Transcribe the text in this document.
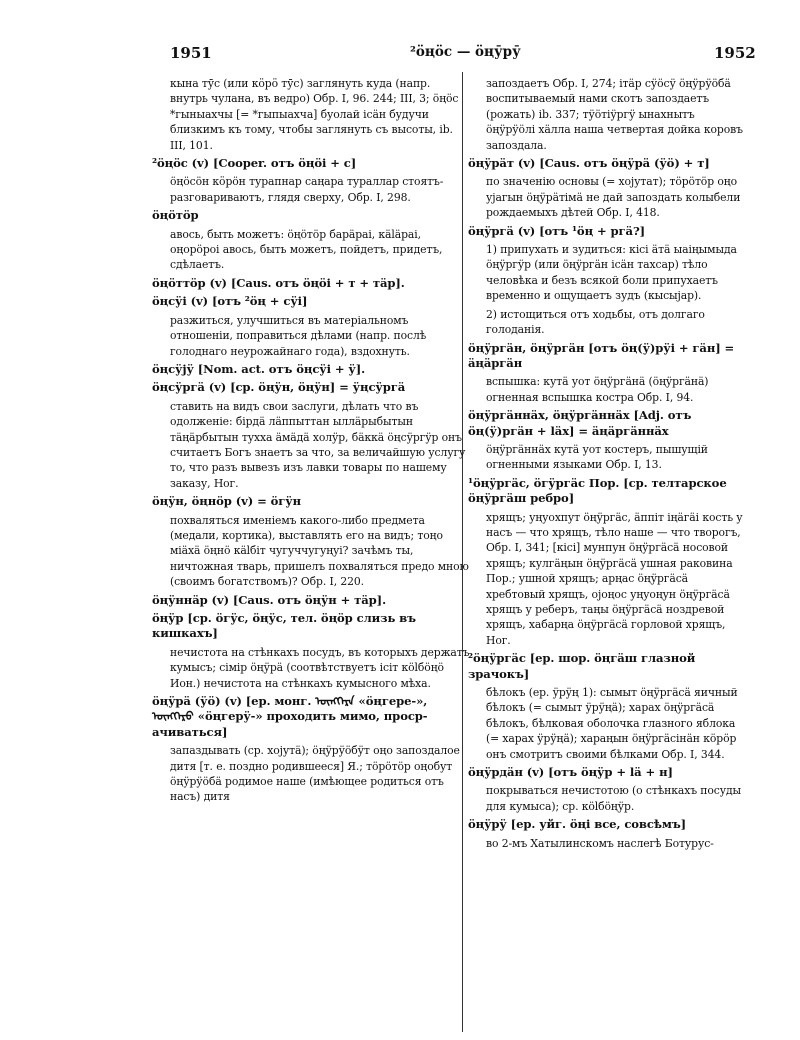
1951	²öңöс — öңӯрӯ	1952
кына тӯс (или кӧрӧ тӯс) заглянуть куда (напр. внутрь чулана, въ ведро) Обр. I, 96. 244; III, 3; öңöс *гыныахчы [= *гыпыахча] буолай iсäн будучи близкимъ къ тому, чтобы заглянуть съ высоты, ib. III, 101.
²öңöс (v) [Cooper. отъ öңöi + с]
öңöсöн кӧрöн турапнар саңара тураллар стоятъ-разговариваютъ, глядя сверху, Обр. I, 298.
öңöтöр
авось, быть можетъ: öңöтöр барäраi, кäläраi, оңорöроi авось, быть можетъ, пойдетъ, придетъ, сдѣлаетъ.
öңöттöр (v) [Caus. отъ öңöi + т + тäр].
öңсӱi (v) [отъ ²öң + сӱi]
разжиться, улучшиться въ матеріальномъ отношеніи, поправиться дѣлами (напр. послѣ голоднаго неурожайнаго года), вздохнуть.
öңсӱjӱ [Nom. act. отъ öңсӱi + ӱ].
öңсӱргä (v) [ср. öңӱн, öңӱн] = ӱңсӱргä
ставить на видъ свои заслуги, дѣлать что въ одолженіе: бірдä лäппыттан ыллäрыбытын тäңäрбытын тухха äмäдä холӱр, бäккä öңсӱргӱр онъ считаетъ Богъ знаетъ за что, за величайшую услугу то, что разъ вывезъ изъ лавки товары по нашему заказу, Ног.
öңӱн, öңнöр (v) = öгӱн
похваляться именіемъ какого-либо предмета (медали, кортика), выставлять его на видъ; тоңо міäхä öңнö кälбіт чугуччугуңуi? зачѣмъ ты, ничтожная тварь, пришелъ похваляться предо мною (своимъ богатствомъ)? Обр. I, 220.
öңӱннäр (v) [Caus. отъ öңӱн + тäр].
öңӱр [ср. öгӱс, öңӱс, тел. öңöр слизь въ кишкахъ]
нечистота на стѣнкахъ посудъ, въ которыхъ держатъ кумысъ; сімір öңӱрä (соотвѣтствуетъ iсіт кölбöңö Ион.) нечистота на стѣнкахъ кумысного мѣха.
öңӱрä (ӱö) (v) [ер. монг. ᠥᠩᠭᠡᠷᠡ «öңгере-», ᠥᠩᠭᠡᠷᠦ «öңгерӱ-» проходить мимо, просрачиваться]
запаздывать (ср. хојутä); öңӱрӱöбӱт оңо запоздалое дитя [т. е. поздно родившееся] Я.; тöрöтöр оңобут öңӱрӱöбä родимое наше (имѣющее родиться отъ насъ) дитя
запоздаетъ Обр. I, 274; iтäр сӱöсӱ öңӱрӱöбä воспитываемый нами скотъ запоздаетъ (рожать) ib. 337; тӱöтiӱргӱ ынахнытъ öңӱрӱöлi хäлла наша четвертая дойка коровъ запоздала.
öңӱрäт (v) [Caus. отъ öңӱрä (ӱö) + т]
по значенію основы (= хојутат); тöрöтöр оңо уjагын öңӱрäтiмä не дай запоздать колыбели рождаемыхъ дѣтей Обр. I, 418.
öңӱргä (v) [отъ ¹öң + ргä?]
1) припухать и зудиться: кiсi äтä ыаiңымыда öңӱргӱр (или öңӱргäн iсäн тахсар) тѣло человѣка и безъ всякой боли припухаетъ временно и ощущаетъ зудъ (кысыјар).
2) истощиться отъ ходьбы, отъ долгаго голоданія.
öңӱргäн, öңӱргäн [отъ öң(ӱ)рӱi + гäн] = äңäргäн
вспышка: кутä уот öңӱргäнä (öңӱргäнä) огненная вспышка костра Обр. I, 94.
öңӱргäннäх, öңӱргäннäх [Adj. отъ öң(ӱ)ргäн + läх] = äңäргäннäх
öңӱргäннäх кутä уот костеръ, пышущій огненными языками Обр. I, 13.
¹öңӱргäс, öгӱргäс Пор. [ср. телтарское öңӱргäш ребро]
хрящъ; уңуохпут öңӱргäс, äппiт iңäгäi кость у насъ — что хрящъ, тѣло наше — что творогъ, Обр. I, 341; [кiсi] мунпун öңӱргäсä носовой хрящъ; кулгäңын öңӱргäсä ушная раковина Пор.; ушной хрящъ; арңас öңӱргäсä хребтовый хрящъ, ојоңос уңуоңун öңӱргäсä хрящъ у реберъ, таңы öңӱргäсä ноздревой хрящъ, хабарңа öңӱргäсä горловой хрящъ, Ног.
²öңӱргäс [ер. шор. öңгäш глазной зрачокъ]
бѣлокъ (ер. ӱрӱң 1): сымыт öңӱргäсä яичный бѣлокъ (= сымыт ӱрӱңä); харах öңӱргäсä бѣлокъ, бѣлковая оболочка глазного яблока (= харах ӱрӱңä); хараңын öңӱргäсiнäн кöрöр онъ смотритъ своими бѣлками Обр. I, 344.
öңӱрдäн (v) [отъ öңӱр + lä + н]
покрываться нечистотою (о стѣнкахъ посуды для кумыса); ср. кölбöңӱр.
öңӱрӱ [ер. уйг. öңi все, совсѣмъ]
во 2-мъ Хатылинскомъ наслегѣ Ботурус-
